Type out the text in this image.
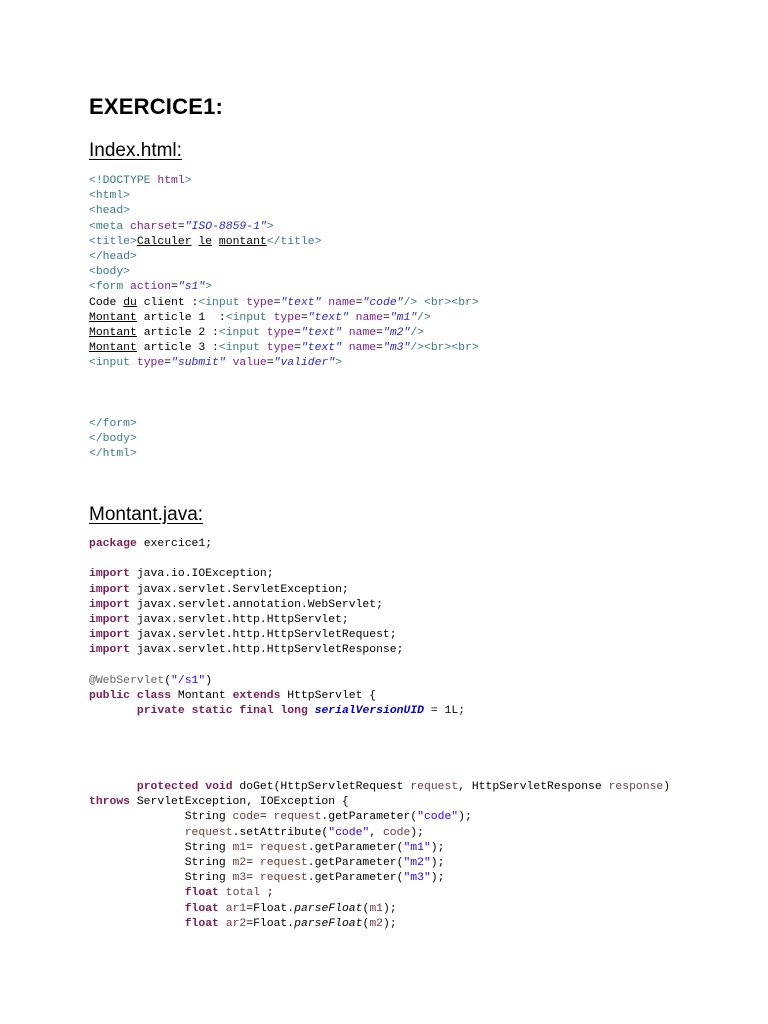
EXERCICE1:
Index.html:
<!DOCTYPE html>
<html>
<head>
<meta charset="ISO-8859-1">
<title>Calculer le montant</title>
</head>
<body>
<form action="s1">
Code du client :<input type="text" name="code"/> <br><br>
Montant article 1  :<input type="text" name="m1"/>
Montant article 2 :<input type="text" name="m2"/>
Montant article 3 :<input type="text" name="m3"/><br><br>
<input type="submit" value="valider">
</form>
</body>
</html>
Montant.java:
package exercice1;
import java.io.IOException;
import javax.servlet.ServletException;
import javax.servlet.annotation.WebServlet;
import javax.servlet.http.HttpServlet;
import javax.servlet.http.HttpServletRequest;
import javax.servlet.http.HttpServletResponse;
@WebServlet("/s1")
public class Montant extends HttpServlet {
private static final long serialVersionUID = 1L;
protected void doGet(HttpServletRequest request, HttpServletResponse response)
throws ServletException, IOException {
String code= request.getParameter("code");
request.setAttribute("code", code);
String m1= request.getParameter("m1");
String m2= request.getParameter("m2");
String m3= request.getParameter("m3");
float total ;
float ar1=Float.parseFloat(m1);
float ar2=Float.parseFloat(m2);
